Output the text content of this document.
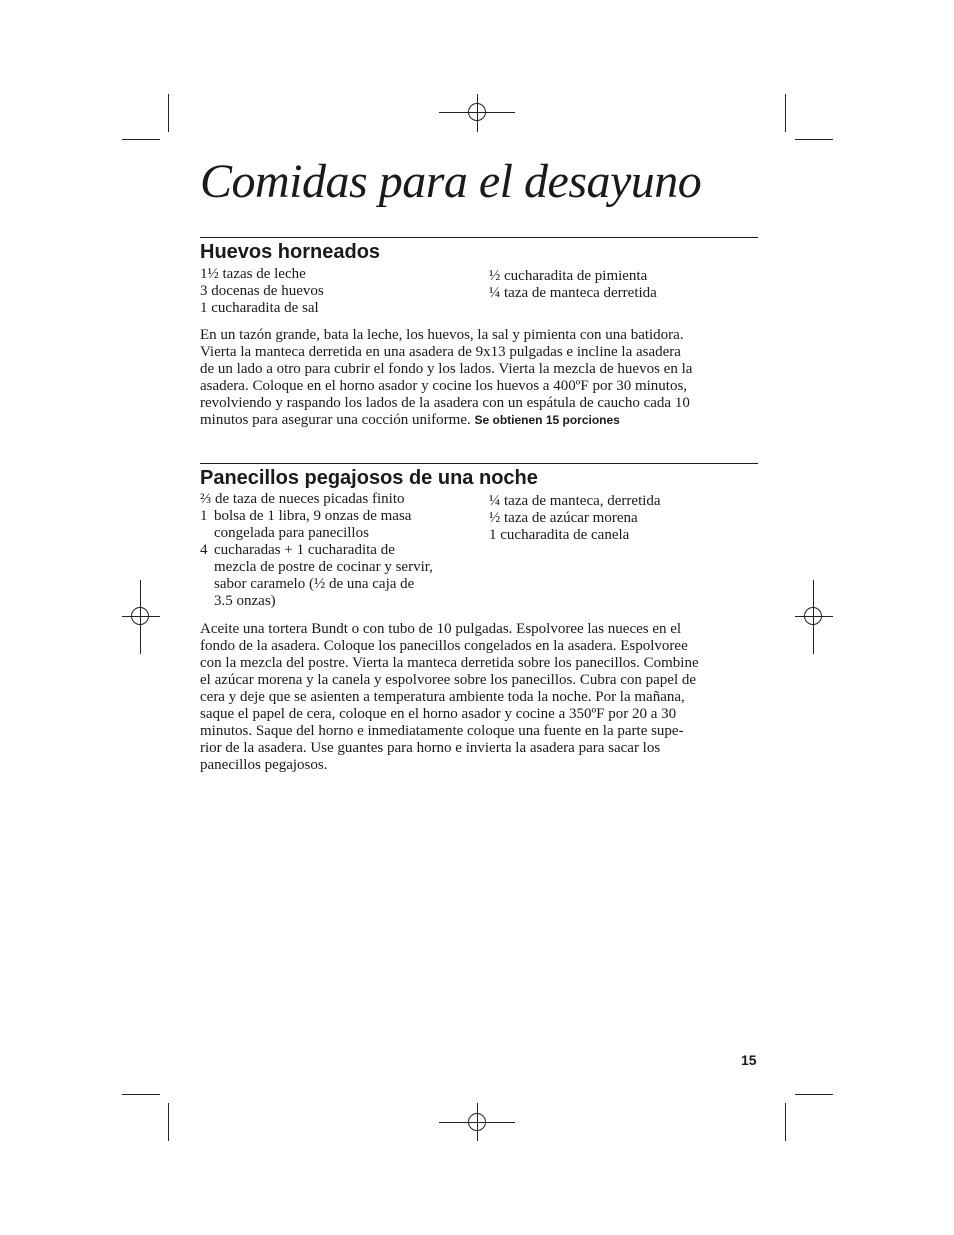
Comidas para el desayuno
Huevos horneados
1½ tazas de leche
3 docenas de huevos
1 cucharadita de sal
½ cucharadita de pimienta
¼ taza de manteca derretida
En un tazón grande, bata la leche, los huevos, la sal y pimienta con una batidora.
Vierta la manteca derretida en una asadera de 9x13 pulgadas e incline la asadera
de un lado a otro para cubrir el fondo y los lados. Vierta la mezcla de huevos en la
asadera. Coloque en el horno asador y cocine los huevos a 400ºF por 30 minutos,
revolviendo y raspando los lados de la asadera con un espátula de caucho cada 10
minutos para asegurar una cocción uniforme. Se obtienen 15 porciones
Panecillos pegajosos de una noche
⅔ de taza de nueces picadas finito
1 bolsa de 1 libra, 9 onzas de masa
congelada para panecillos
4 cucharadas + 1 cucharadita de
mezcla de postre de cocinar y servir,
sabor caramelo (½ de una caja de
3.5 onzas)
¼ taza de manteca, derretida
½ taza de azúcar morena
1 cucharadita de canela
Aceite una tortera Bundt o con tubo de 10 pulgadas. Espolvoree las nueces en el
fondo de la asadera. Coloque los panecillos congelados en la asadera. Espolvoree
con la mezcla del postre. Vierta la manteca derretida sobre los panecillos. Combine
el azúcar morena y la canela y espolvoree sobre los panecillos. Cubra con papel de
cera y deje que se asienten a temperatura ambiente toda la noche. Por la mañana,
saque el papel de cera, coloque en el horno asador y cocine a 350ºF por 20 a 30
minutos. Saque del horno e inmediatamente coloque una fuente en la parte supe-
rior de la asadera. Use guantes para horno e invierta la asadera para sacar los
panecillos pegajosos.
15
